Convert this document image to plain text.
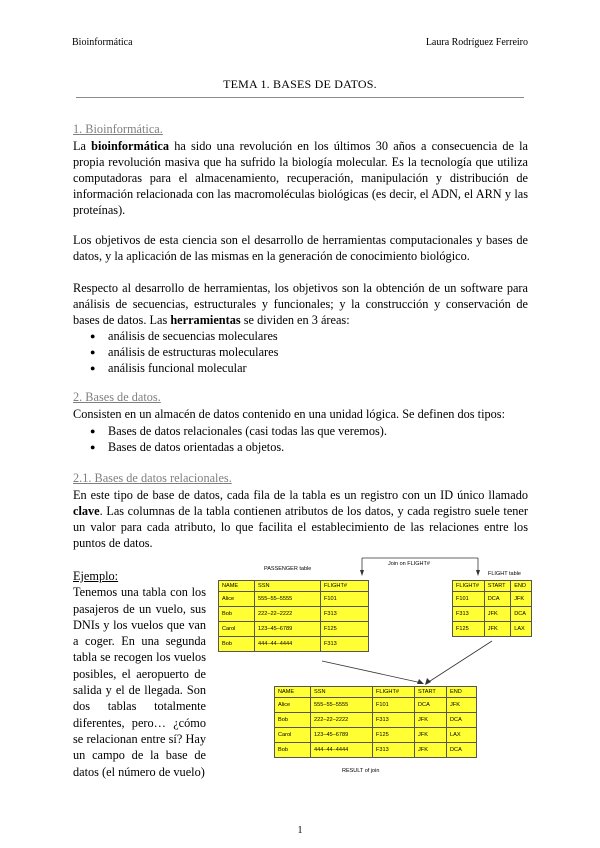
Bioinformática	Laura Rodríguez Ferreiro
TEMA 1. BASES DE DATOS.
1. Bioinformática.
La bioinformática ha sido una revolución en los últimos 30 años a consecuencia de la propia revolución masiva que ha sufrido la biología molecular. Es la tecnología que utiliza computadoras para el almacenamiento, recuperación, manipulación y distribución de información relacionada con las macromoléculas biológicas (es decir, el ADN, el ARN y las proteínas).
Los objetivos de esta ciencia son el desarrollo de herramientas computacionales y bases de datos, y la aplicación de las mismas en la generación de conocimiento biológico.
Respecto al desarrollo de herramientas, los objetivos son la obtención de un software para análisis de secuencias, estructurales y funcionales; y la construcción y conservación de bases de datos. Las herramientas se dividen en 3 áreas:
● análisis de secuencias moleculares
● análisis de estructuras moleculares
● análisis funcional molecular
2. Bases de datos.
Consisten en un almacén de datos contenido en una unidad lógica. Se definen dos tipos:
● Bases de datos relacionales (casi todas las que veremos).
● Bases de datos orientadas a objetos.
2.1. Bases de datos relacionales.
En este tipo de base de datos, cada fila de la tabla es un registro con un ID único llamado clave. Las columnas de la tabla contienen atributos de los datos, y cada registro suele tener un valor para cada atributo, lo que facilita el establecimiento de las relaciones entre los puntos de datos.
Ejemplo:
Tenemos una tabla con los pasajeros de un vuelo, sus DNIs y los vuelos que van a coger. En una segunda tabla se recogen los vuelos posibles, el aeropuerto de salida y el de llegada. Son dos tablas totalmente diferentes, pero… ¿cómo se relacionan entre sí? Hay un campo de la base de datos (el número de vuelo)
PASSENGER table
Join on FLIGHT#
FLIGHT table
NAME	SSN	FLIGHT#
Alice	555–55–5555	F101
Bob	222–22–2222	F313
Carol	123–45–6789	F125
Bob	444–44–4444	F313
FLIGHT#	START	END
F101	DCA	JFK
F313	JFK	DCA
F125	JFK	LAX
NAME	SSN	FLIGHT#	START	END
Alice	555–55–5555	F101	DCA	JFK
Bob	222–22–2222	F313	JFK	DCA
Carol	123–45–6789	F125	JFK	LAX
Bob	444–44–4444	F313	JFK	DCA
RESULT of join
1
